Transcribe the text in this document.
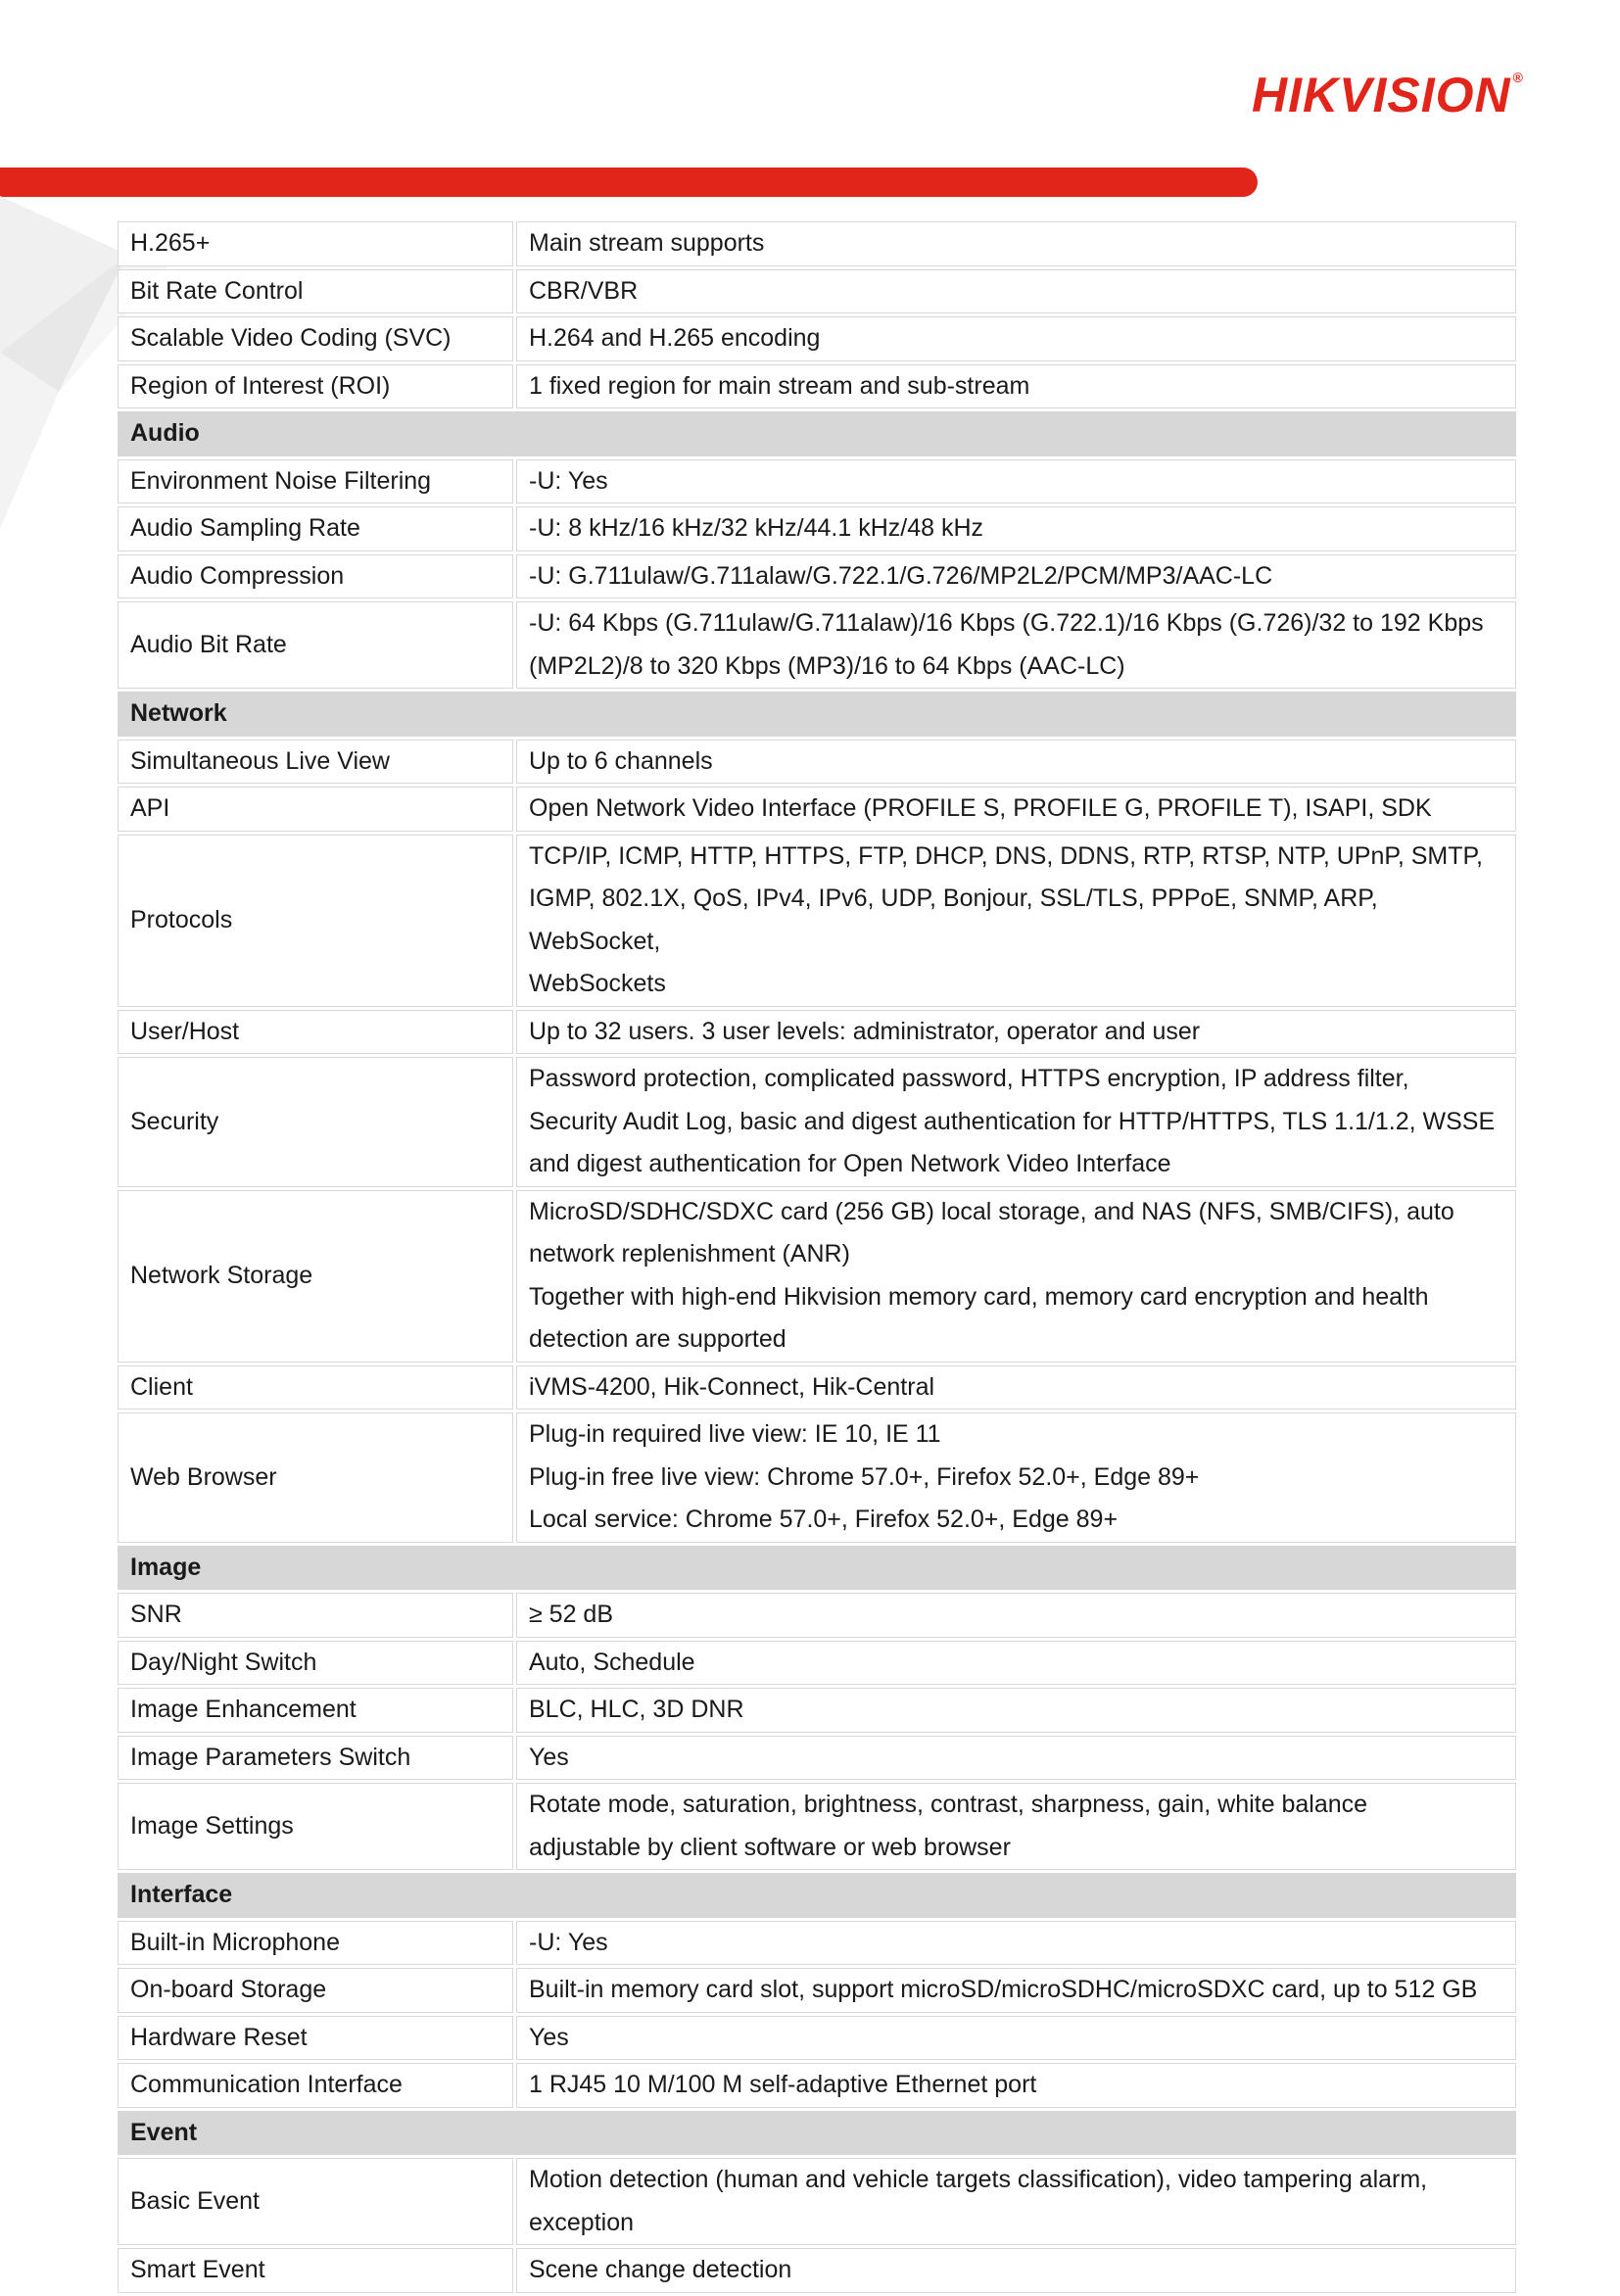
HIKVISION ®
H.265+	Main stream supports

Bit Rate Control	CBR/VBR

Scalable Video Coding (SVC)	H.264 and H.265 encoding

Region of Interest (ROI)	1 fixed region for main stream and sub-stream

Audio	
Environment Noise Filtering	-U: Yes

Audio Sampling Rate	-U: 8 kHz/16 kHz/32 kHz/44.1 kHz/48 kHz

Audio Compression	-U: G.711ulaw/G.711alaw/G.722.1/G.726/MP2L2/PCM/MP3/AAC-LC

Audio Bit Rate	-U: 64 Kbps (G.711ulaw/G.711alaw)/16 Kbps (G.722.1)/16 Kbps (G.726)/32 to 192 Kbps
(MP2L2)/8 to 320 Kbps (MP3)/16 to 64 Kbps (AAC-LC)

Network	
Simultaneous Live View	Up to 6 channels

API	Open Network Video Interface (PROFILE S, PROFILE G, PROFILE T), ISAPI, SDK

Protocols	TCP/IP, ICMP, HTTP, HTTPS, FTP, DHCP, DNS, DDNS, RTP, RTSP, NTP, UPnP, SMTP,
IGMP, 802.1X, QoS, IPv4, IPv6, UDP, Bonjour, SSL/TLS, PPPoE, SNMP, ARP, WebSocket,
WebSockets

User/Host	Up to 32 users. 3 user levels: administrator, operator and user

Security	Password protection, complicated password, HTTPS encryption, IP address filter,
Security Audit Log, basic and digest authentication for HTTP/HTTPS, TLS 1.1/1.2, WSSE
and digest authentication for Open Network Video Interface

Network Storage	MicroSD/SDHC/SDXC card (256 GB) local storage, and NAS (NFS, SMB/CIFS), auto
network replenishment (ANR)
Together with high-end Hikvision memory card, memory card encryption and health
detection are supported

Client	iVMS-4200, Hik-Connect, Hik-Central

Web Browser	Plug-in required live view: IE 10, IE 11
Plug-in free live view: Chrome 57.0+, Firefox 52.0+, Edge 89+
Local service: Chrome 57.0+, Firefox 52.0+, Edge 89+

Image	
SNR	≥ 52 dB

Day/Night Switch	Auto, Schedule

Image Enhancement	BLC, HLC, 3D DNR

Image Parameters Switch	Yes

Image Settings	Rotate mode, saturation, brightness, contrast, sharpness, gain, white balance
adjustable by client software or web browser

Interface	
Built-in Microphone	-U: Yes

On-board Storage	Built-in memory card slot, support microSD/microSDHC/microSDXC card, up to 512 GB

Hardware Reset	Yes

Communication Interface	1 RJ45 10 M/100 M self-adaptive Ethernet port

Event	
Basic Event	Motion detection (human and vehicle targets classification), video tampering alarm,
exception

Smart Event	Scene change detection
